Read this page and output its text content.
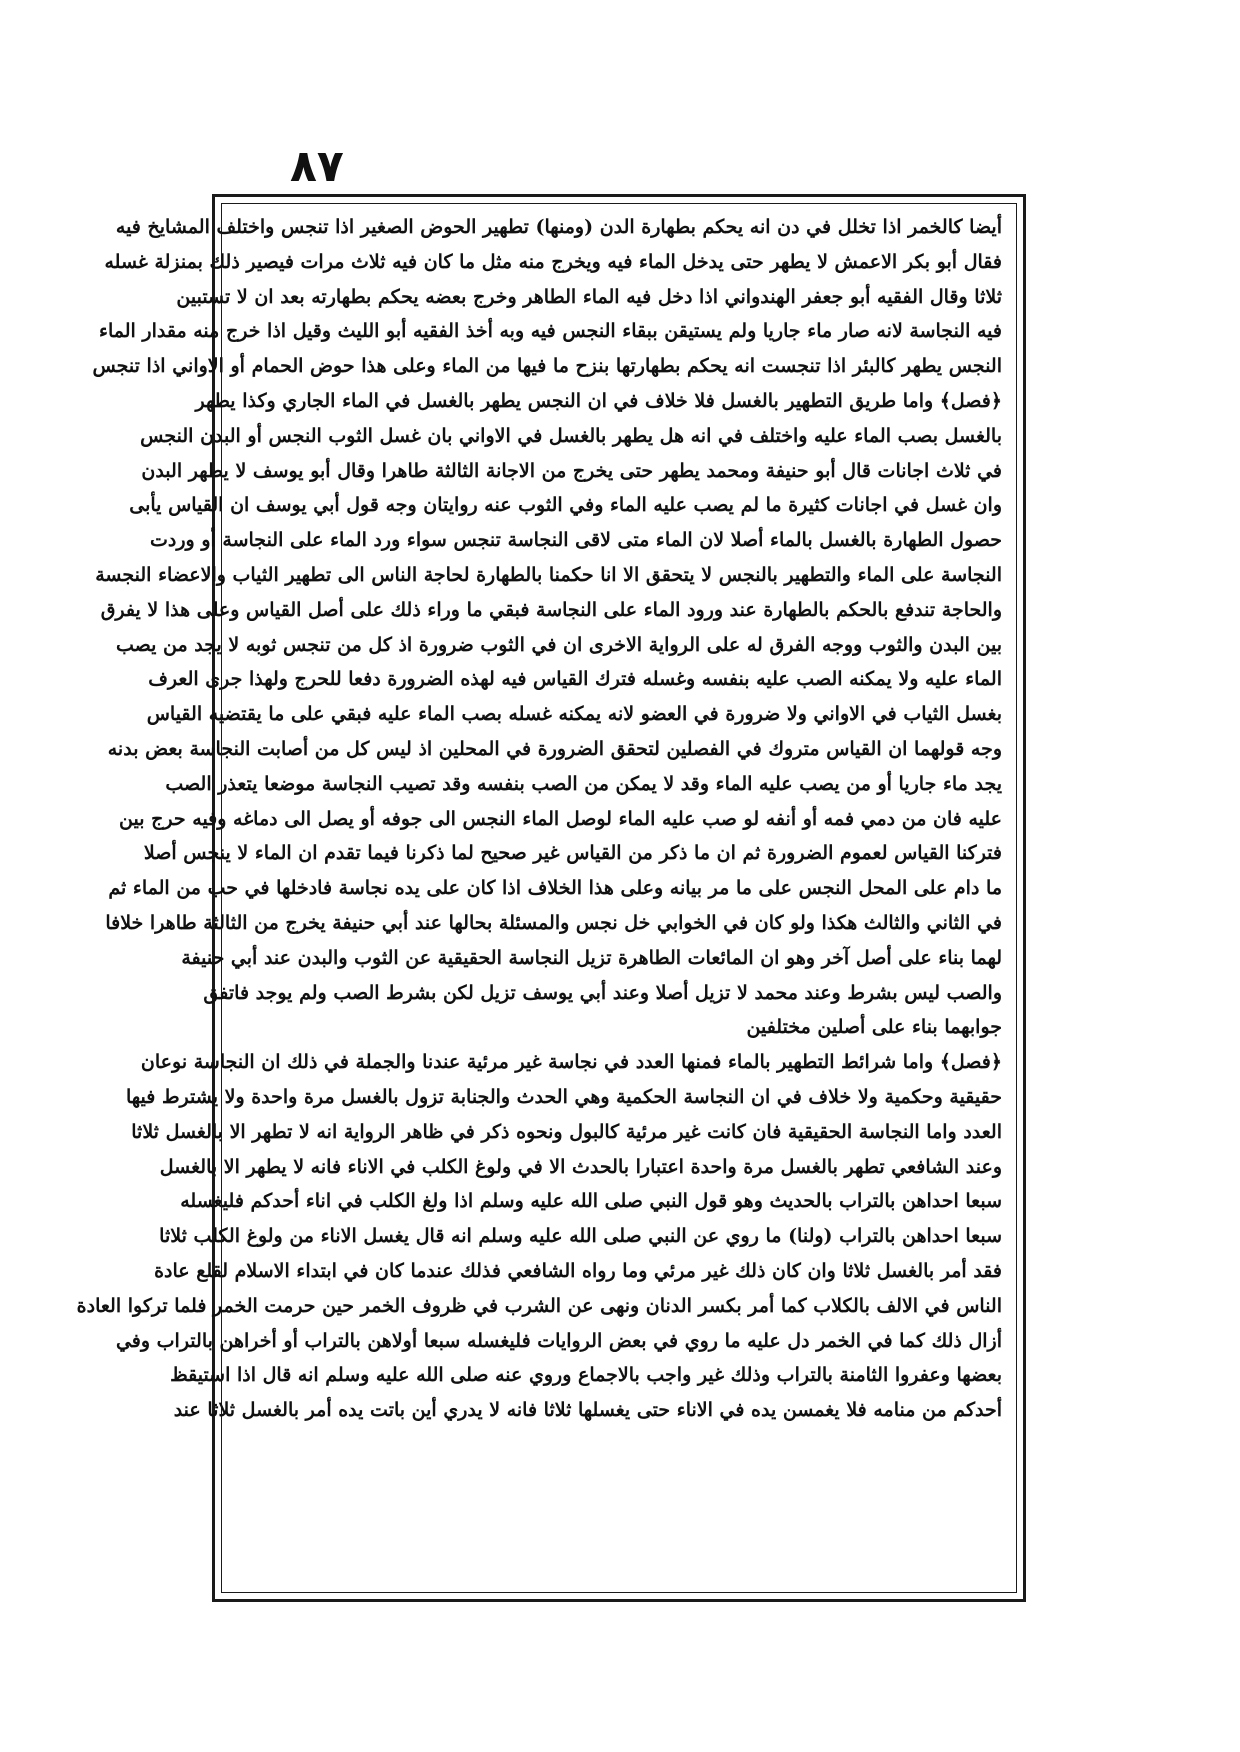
٨٧
أيضا كالخمر اذا تخلل في دن انه يحكم بطهارة الدن (ومنها) تطهير الحوض الصغير اذا تنجس واختلف المشايخ فيه
فقال أبو بكر الاعمش لا يطهر حتى يدخل الماء فيه ويخرج منه مثل ما كان فيه ثلاث مرات فيصير ذلك بمنزلة غسله
ثلاثا وقال الفقيه أبو جعفر الهندواني اذا دخل فيه الماء الطاهر وخرج بعضه يحكم بطهارته بعد ان لا تستبين
فيه النجاسة لانه صار ماء جاريا ولم يستيقن ببقاء النجس فيه وبه أخذ الفقيه أبو الليث وقيل اذا خرج منه مقدار الماء
النجس يطهر كالبئر اذا تنجست انه يحكم بطهارتها بنزح ما فيها من الماء وعلى هذا حوض الحمام أو الاواني اذا تنجس
﴿فصل﴾ واما طريق التطهير بالغسل فلا خلاف في ان النجس يطهر بالغسل في الماء الجاري وكذا يطهر
بالغسل بصب الماء عليه واختلف في انه هل يطهر بالغسل في الاواني بان غسل الثوب النجس أو البدن النجس
في ثلاث اجانات قال أبو حنيفة ومحمد يطهر حتى يخرج من الاجانة الثالثة طاهرا وقال أبو يوسف لا يطهر البدن
وان غسل في اجانات كثيرة ما لم يصب عليه الماء وفي الثوب عنه روايتان وجه قول أبي يوسف ان القياس يأبى
حصول الطهارة بالغسل بالماء أصلا لان الماء متى لاقى النجاسة تنجس سواء ورد الماء على النجاسة أو وردت
النجاسة على الماء والتطهير بالنجس لا يتحقق الا انا حكمنا بالطهارة لحاجة الناس الى تطهير الثياب والاعضاء النجسة
والحاجة تندفع بالحكم بالطهارة عند ورود الماء على النجاسة فبقي ما وراء ذلك على أصل القياس وعلى هذا لا يفرق
بين البدن والثوب ووجه الفرق له على الرواية الاخرى ان في الثوب ضرورة اذ كل من تنجس ثوبه لا يجد من يصب
الماء عليه ولا يمكنه الصب عليه بنفسه وغسله فترك القياس فيه لهذه الضرورة دفعا للحرج ولهذا جرى العرف
بغسل الثياب في الاواني ولا ضرورة في العضو لانه يمكنه غسله بصب الماء عليه فبقي على ما يقتضيه القياس
وجه قولهما ان القياس متروك في الفصلين لتحقق الضرورة في المحلين اذ ليس كل من أصابت النجاسة بعض بدنه
يجد ماء جاريا أو من يصب عليه الماء وقد لا يمكن من الصب بنفسه وقد تصيب النجاسة موضعا يتعذر الصب
عليه فان من دمي فمه أو أنفه لو صب عليه الماء لوصل الماء النجس الى جوفه أو يصل الى دماغه وفيه حرج بين
فتركنا القياس لعموم الضرورة ثم ان ما ذكر من القياس غير صحيح لما ذكرنا فيما تقدم ان الماء لا ينجس أصلا
ما دام على المحل النجس على ما مر بيانه وعلى هذا الخلاف اذا كان على يده نجاسة فادخلها في حب من الماء ثم
في الثاني والثالث هكذا ولو كان في الخوابي خل نجس والمسئلة بحالها عند أبي حنيفة يخرج من الثالثة طاهرا خلافا
لهما بناء على أصل آخر وهو ان المائعات الطاهرة تزيل النجاسة الحقيقية عن الثوب والبدن عند أبي حنيفة
والصب ليس بشرط وعند محمد لا تزيل أصلا وعند أبي يوسف تزيل لكن بشرط الصب ولم يوجد فاتفق
جوابهما بناء على أصلين مختلفين
﴿فصل﴾ واما شرائط التطهير بالماء فمنها العدد في نجاسة غير مرئية عندنا والجملة في ذلك ان النجاسة نوعان
حقيقية وحكمية ولا خلاف في ان النجاسة الحكمية وهي الحدث والجنابة تزول بالغسل مرة واحدة ولا يشترط فيها
العدد واما النجاسة الحقيقية فان كانت غير مرئية كالبول ونحوه ذكر في ظاهر الرواية انه لا تطهر الا بالغسل ثلاثا
وعند الشافعي تطهر بالغسل مرة واحدة اعتبارا بالحدث الا في ولوغ الكلب في الاناء فانه لا يطهر الا بالغسل
سبعا احداهن بالتراب بالحديث وهو قول النبي صلى الله عليه وسلم اذا ولغ الكلب في اناء أحدكم فليغسله
سبعا احداهن بالتراب (ولنا) ما روي عن النبي صلى الله عليه وسلم انه قال يغسل الاناء من ولوغ الكلب ثلاثا
فقد أمر بالغسل ثلاثا وان كان ذلك غير مرئي وما رواه الشافعي فذلك عندما كان في ابتداء الاسلام لقلع عادة
الناس في الالف بالكلاب كما أمر بكسر الدنان ونهى عن الشرب في ظروف الخمر حين حرمت الخمر فلما تركوا العادة
أزال ذلك كما في الخمر دل عليه ما روي في بعض الروايات فليغسله سبعا أولاهن بالتراب أو أخراهن بالتراب وفي
بعضها وعفروا الثامنة بالتراب وذلك غير واجب بالاجماع وروي عنه صلى الله عليه وسلم انه قال اذا استيقظ
أحدكم من منامه فلا يغمسن يده في الاناء حتى يغسلها ثلاثا فانه لا يدري أين باتت يده أمر بالغسل ثلاثا عند
